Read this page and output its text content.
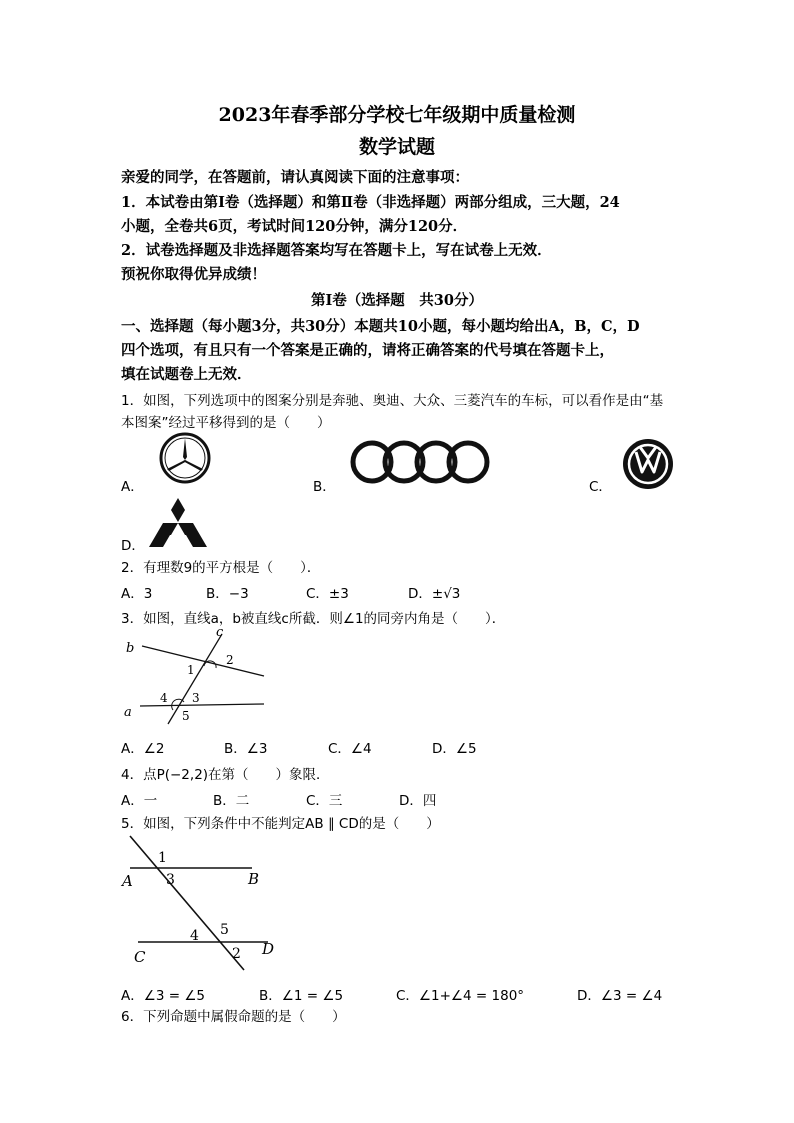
2023年春季部分学校七年级期中质量检测
数学试题
亲爱的同学，在答题前，请认真阅读下面的注意事项：
1．本试卷由第Ⅰ卷（选择题）和第Ⅱ卷（非选择题）两部分组成，三大题，24
小题，全卷共6页，考试时间120分钟，满分120分．
2．试卷选择题及非选择题答案均写在答题卡上，写在试卷上无效．
预祝你取得优异成绩！
第Ⅰ卷（选择题　共30分）
一、选择题（每小题3分，共30分）本题共10小题，每小题均给出A，B，C，D
四个选项，有且只有一个答案是正确的，请将正确答案的代号填在答题卡上，
填在试题卷上无效．
1．如图，下列选项中的图案分别是奔驰、奥迪、大众、三菱汽车的车标，可以看作是由“基
本图案”经过平移得到的是（　　）
A．	B．	C．
D．
2．有理数9的平方根是（　　）．
A．3	B．−3	C．±3	D．±√3
3．如图，直线a，b被直线c所截．则∠1的同旁内角是（　　）．
a
b
c
1
2
3
4
5
A．∠2	B．∠3	C．∠4	D．∠5
4．点P(−2,2)在第（　　）象限．
A．一	B．二	C．三	D．四
5．如图，下列条件中不能判定AB ∥ CD的是（　　）
1
3
A	B
4 5
2
C	D
A．∠3 = ∠5	B．∠1 = ∠5	C．∠1+∠4 = 180°	D．∠3 = ∠4
6．下列命题中属假命题的是（　　）
